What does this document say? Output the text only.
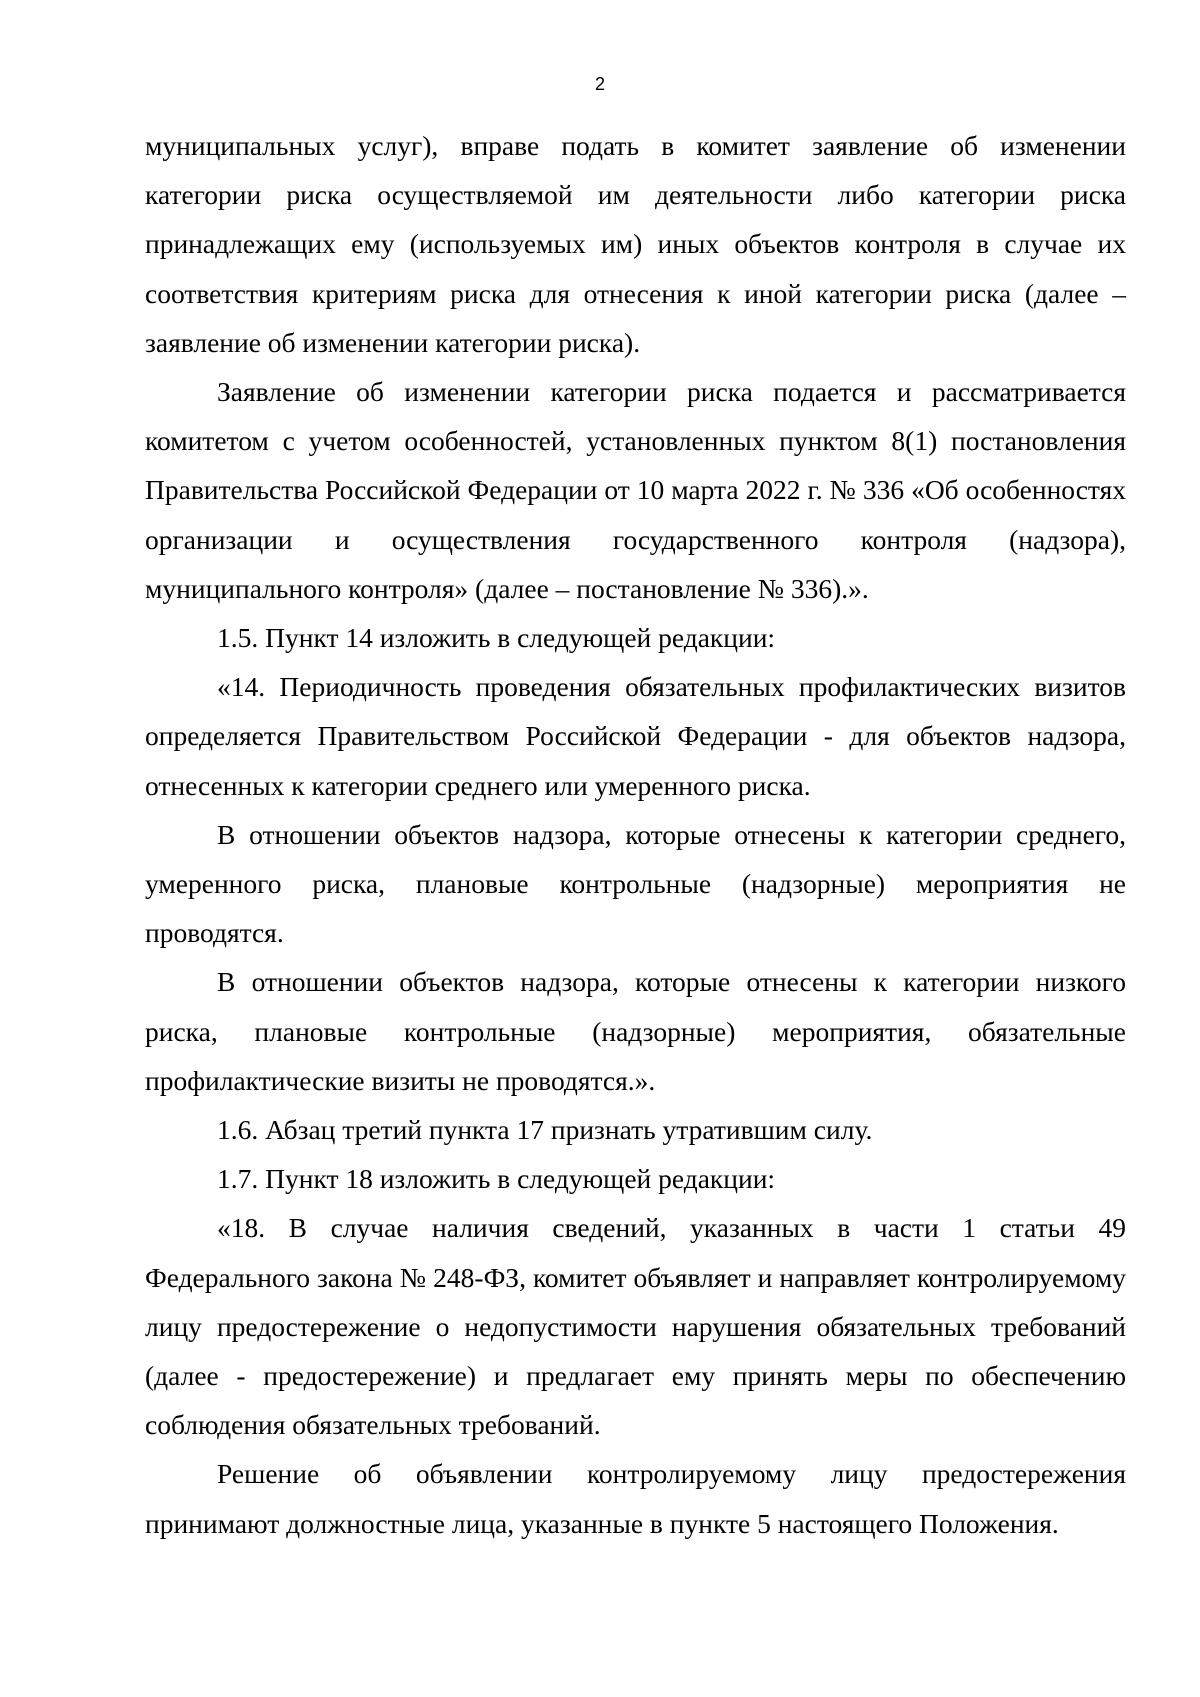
2

муниципальных услуг), вправе подать в комитет заявление об изменении категории риска осуществляемой им деятельности либо категории риска принадлежащих ему (используемых им) иных объектов контроля в случае их соответствия критериям риска для отнесения к иной категории риска (далее – заявление об изменении категории риска).

Заявление об изменении категории риска подается и рассматривается комитетом с учетом особенностей, установленных пунктом 8(1) постановления Правительства Российской Федерации от 10 марта 2022 г. № 336 «Об особенностях организации и осуществления государственного контроля (надзора), муниципального контроля» (далее – постановление № 336).».

1.5. Пункт 14 изложить в следующей редакции:

«14. Периодичность проведения обязательных профилактических визитов определяется Правительством Российской Федерации - для объектов надзора, отнесенных к категории среднего или умеренного риска.

В отношении объектов надзора, которые отнесены к категории среднего, умеренного риска, плановые контрольные (надзорные) мероприятия не проводятся.

В отношении объектов надзора, которые отнесены к категории низкого риска, плановые контрольные (надзорные) мероприятия, обязательные профилактические визиты не проводятся.».

1.6. Абзац третий пункта 17 признать утратившим силу.

1.7. Пункт 18 изложить в следующей редакции:

«18. В случае наличия сведений, указанных в части 1 статьи 49 Федерального закона № 248-ФЗ, комитет объявляет и направляет контролируемому лицу предостережение о недопустимости нарушения обязательных требований (далее - предостережение) и предлагает ему принять меры по обеспечению соблюдения обязательных требований.

Решение об объявлении контролируемому лицу предостережения принимают должностные лица, указанные в пункте 5 настоящего Положения.
